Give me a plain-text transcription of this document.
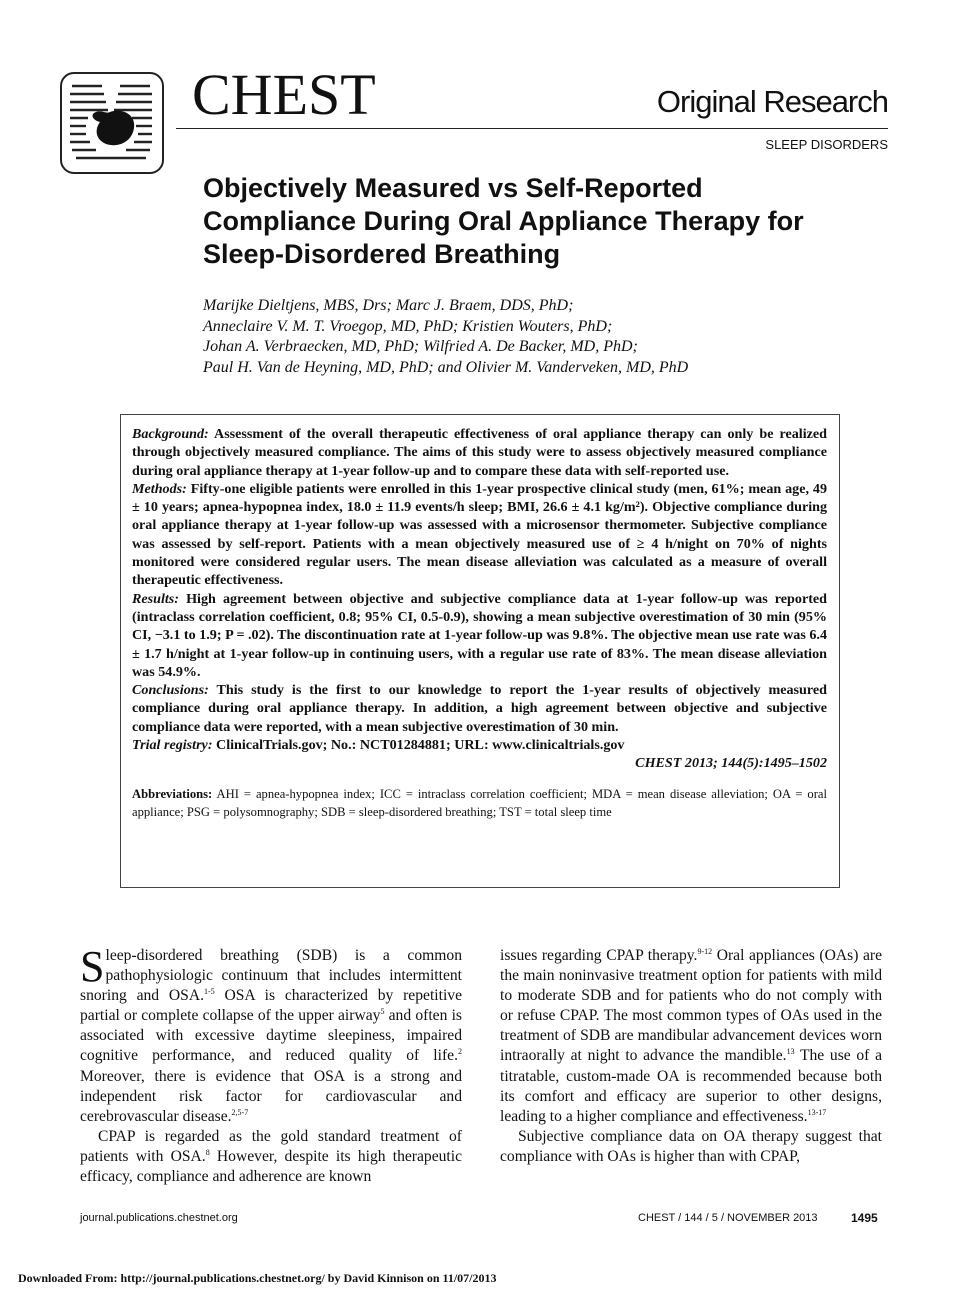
CHEST	Original Research
SLEEP DISORDERS
Objectively Measured vs Self-Reported Compliance During Oral Appliance Therapy for Sleep-Disordered Breathing
Marijke Dieltjens, MBS, Drs; Marc J. Braem, DDS, PhD;
Anneclaire V. M. T. Vroegop, MD, PhD; Kristien Wouters, PhD;
Johan A. Verbraecken, MD, PhD; Wilfried A. De Backer, MD, PhD;
Paul H. Van de Heyning, MD, PhD; and Olivier M. Vanderveken, MD, PhD

Background: Assessment of the overall therapeutic effectiveness of oral appliance therapy can only be realized through objectively measured compliance. The aims of this study were to assess objectively measured compliance during oral appliance therapy at 1-year follow-up and to compare these data with self-reported use.

Methods: Fifty-one eligible patients were enrolled in this 1-year prospective clinical study (men, 61%; mean age, 49 ± 10 years; apnea-hypopnea index, 18.0 ± 11.9 events/h sleep; BMI, 26.6 ± 4.1 kg/m²). Objective compliance during oral appliance therapy at 1-year follow-up was assessed with a microsensor thermometer. Subjective compliance was assessed by self-report. Patients with a mean objectively measured use of ≥ 4 h/night on 70% of nights monitored were considered regular users. The mean disease alleviation was calculated as a measure of overall therapeutic effectiveness.

Results: High agreement between objective and subjective compliance data at 1-year follow-up was reported (intraclass correlation coefficient, 0.8; 95% CI, 0.5-0.9), showing a mean subjective overestimation of 30 min (95% CI, −3.1 to 1.9; P = .02). The discontinuation rate at 1-year follow-up was 9.8%. The objective mean use rate was 6.4 ± 1.7 h/night at 1-year follow-up in continuing users, with a regular use rate of 83%. The mean disease alleviation was 54.9%.

Conclusions: This study is the first to our knowledge to report the 1-year results of objectively measured compliance during oral appliance therapy. In addition, a high agreement between objective and subjective compliance data were reported, with a mean subjective overestimation of 30 min.

Trial registry: ClinicalTrials.gov; No.: NCT01284881; URL: www.clinicaltrials.gov

CHEST 2013; 144(5):1495–1502
Abbreviations: AHI = apnea-hypopnea index; ICC = intraclass correlation coefficient; MDA = mean disease alleviation; OA = oral appliance; PSG = polysomnography; SDB = sleep-disordered breathing; TST = total sleep time

Sleep-disordered breathing (SDB) is a common pathophysiologic continuum that includes intermittent snoring and OSA.$^{1-5}$ OSA is characterized by repetitive partial or complete collapse of the upper airway$^5$ and often is associated with excessive daytime sleepiness, impaired cognitive performance, and reduced quality of life.$^2$ Moreover, there is evidence that OSA is a strong and independent risk factor for cardiovascular and cerebrovascular disease.$^{2,5-7}$

CPAP is regarded as the gold standard treatment of patients with OSA.$^8$ However, despite its high therapeutic efficacy, compliance and adherence are known

issues regarding CPAP therapy.$^{9-12}$ Oral appliances (OAs) are the main noninvasive treatment option for patients with mild to moderate SDB and for patients who do not comply with or refuse CPAP. The most common types of OAs used in the treatment of SDB are mandibular advancement devices worn intraorally at night to advance the mandible.$^{13}$ The use of a titratable, custom-made OA is recommended because both its comfort and efficacy are superior to other designs, leading to a higher compliance and effectiveness.$^{13-17}$

Subjective compliance data on OA therapy suggest that compliance with OAs is higher than with CPAP,

journal.publications.chestnet.org	CHEST / 144 / 5 / NOVEMBER 2013	1495
Downloaded From: http://journal.publications.chestnet.org/ by David Kinnison on 11/07/2013
